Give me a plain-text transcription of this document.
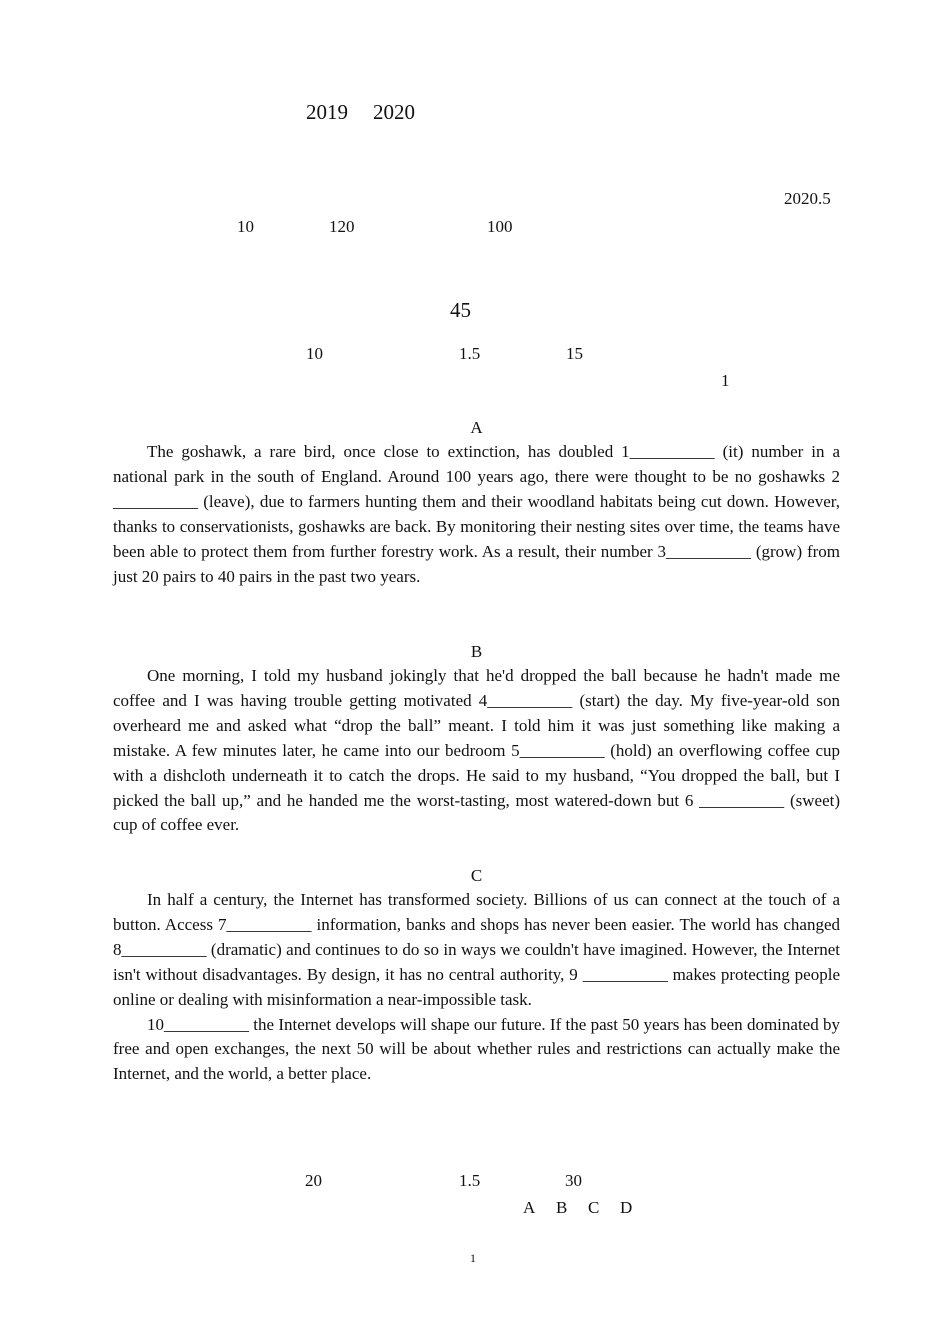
2019 2020
2020.5
10	120	100
45
10	1.5	15
1
A

The goshawk, a rare bird, once close to extinction, has doubled 1__________ (it) number in a national park in the south of England. Around 100 years ago, there were thought to be no goshawks 2 __________ (leave), due to farmers hunting them and their woodland habitats being cut down. However, thanks to conservationists, goshawks are back. By monitoring their nesting sites over time, the teams have been able to protect them from further forestry work. As a result, their number 3__________ (grow) from just 20 pairs to 40 pairs in the past two years.

B

One morning, I told my husband jokingly that he'd dropped the ball because he hadn't made me coffee and I was having trouble getting motivated 4__________ (start) the day. My five-year-old son overheard me and asked what “drop the ball” meant. I told him it was just something like making a mistake. A few minutes later, he came into our bedroom 5__________ (hold) an overflowing coffee cup with a dishcloth underneath it to catch the drops. He said to my husband, “You dropped the ball, but I picked the ball up,” and he handed me the worst-tasting, most watered-down but 6 __________ (sweet) cup of coffee ever.

C

In half a century, the Internet has transformed society. Billions of us can connect at the touch of a button. Access 7__________ information, banks and shops has never been easier. The world has changed 8__________ (dramatic) and continues to do so in ways we couldn't have imagined. However, the Internet isn't without disadvantages. By design, it has no central authority, 9 __________ makes protecting people online or dealing with misinformation a near-impossible task.

10__________ the Internet develops will shape our future. If the past 50 years has been dominated by free and open exchanges, the next 50 will be about whether rules and restrictions can actually make the Internet, and the world, a better place.

20	1.5	30
A B C D
1
